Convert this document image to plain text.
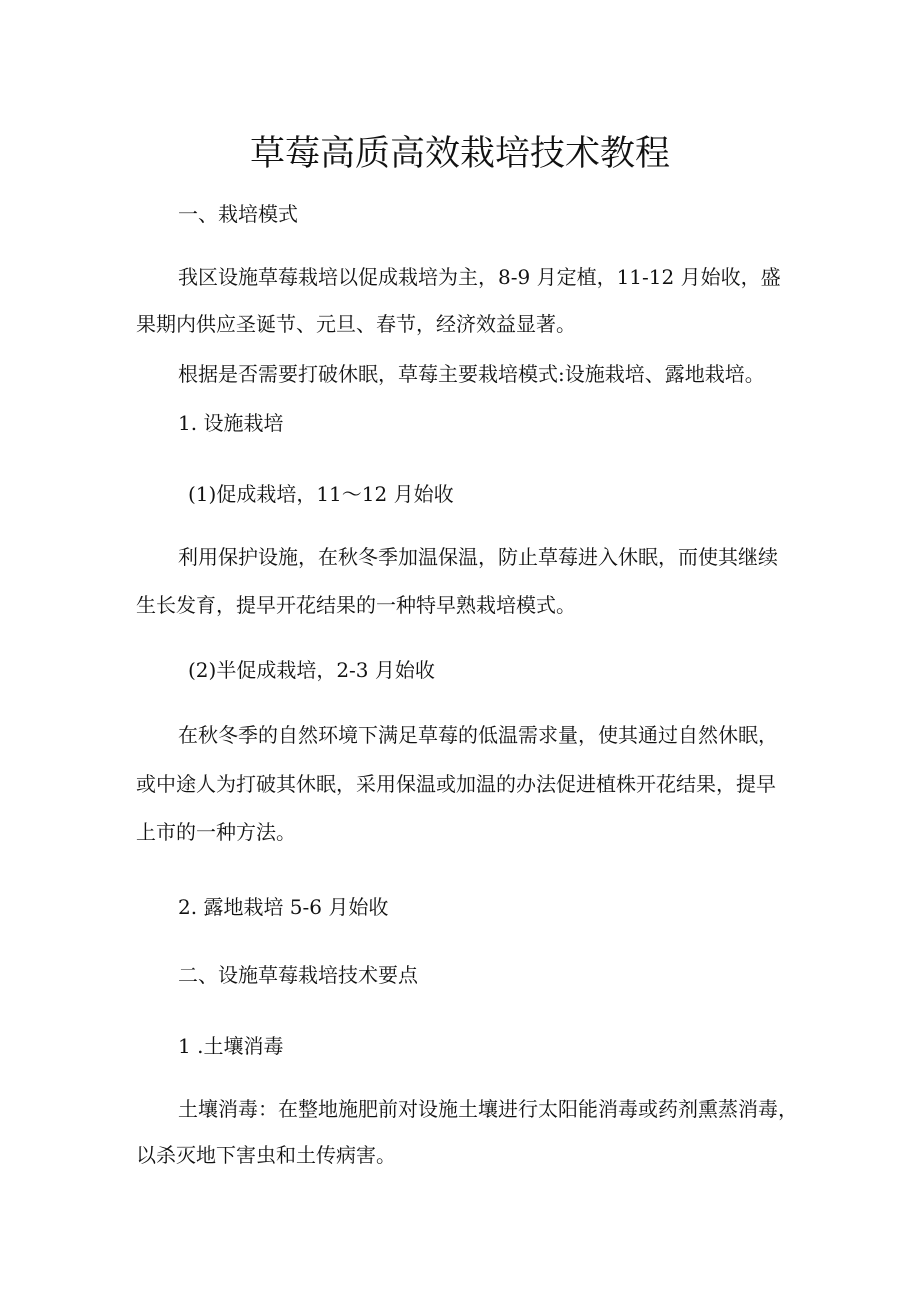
草莓高质高效栽培技术教程
一、栽培模式
我区设施草莓栽培以促成栽培为主，8-9 月定植，11-12 月始收，盛
果期内供应圣诞节、元旦、春节，经济效益显著。
根据是否需要打破休眠，草莓主要栽培模式:设施栽培、露地栽培。
1. 设施栽培
(1)促成栽培，11～12 月始收
利用保护设施，在秋冬季加温保温，防止草莓进入休眠，而使其继续
生长发育，提早开花结果的一种特早熟栽培模式。
(2)半促成栽培，2-3 月始收
在秋冬季的自然环境下满足草莓的低温需求量，使其通过自然休眠，
或中途人为打破其休眠，采用保温或加温的办法促进植株开花结果，提早
上市的一种方法。
2. 露地栽培 5-6 月始收
二、设施草莓栽培技术要点
1 .土壤消毒
土壤消毒：在整地施肥前对设施土壤进行太阳能消毒或药剂熏蒸消毒，
以杀灭地下害虫和土传病害。
